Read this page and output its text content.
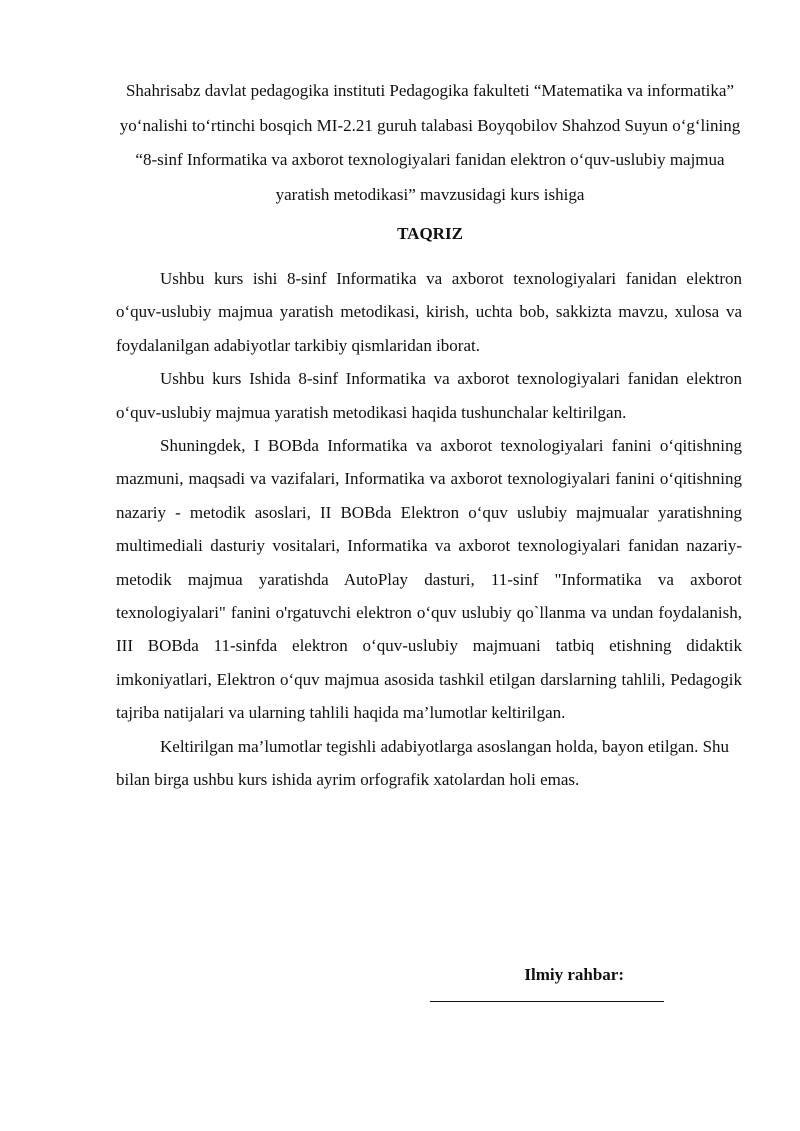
Shahrisabz davlat pedagogika instituti Pedagogika fakulteti “Matematika va informatika” yo‘nalishi to‘rtinchi bosqich MI-2.21 guruh talabasi Boyqobilov Shahzod Suyun o‘g‘lining “8-sinf Informatika va axborot texnologiyalari fanidan elektron o‘quv-uslubiy majmua yaratish metodikasi” mavzusidagi kurs ishiga

TAQRIZ

Ushbu kurs ishi 8-sinf Informatika va axborot texnologiyalari fanidan elektron o‘quv-uslubiy majmua yaratish metodikasi, kirish, uchta bob, sakkizta mavzu, xulosa va foydalanilgan adabiyotlar tarkibiy qismlaridan iborat.

Ushbu kurs Ishida 8-sinf Informatika va axborot texnologiyalari fanidan elektron o‘quv-uslubiy majmua yaratish metodikasi haqida tushunchalar keltirilgan.

Shuningdek, I BOBda Informatika va axborot texnologiyalari fanini o‘qitishning mazmuni, maqsadi va vazifalari, Informatika va axborot texnologiyalari fanini o‘qitishning nazariy - metodik asoslari, II BOBda Elektron o‘quv uslubiy majmualar yaratishning multimediali dasturiy vositalari, Informatika va axborot texnologiyalari fanidan nazariy-metodik majmua yaratishda AutoPlay dasturi, 11-sinf "Informatika va axborot texnologiyalari" fanini o'rgatuvchi elektron o‘quv uslubiy qo`llanma va undan foydalanish, III BOBda 11-sinfda elektron o‘quv-uslubiy majmuani tatbiq etishning didaktik imkoniyatlari, Elektron o‘quv majmua asosida tashkil etilgan darslarning tahlili, Pedagogik tajriba natijalari va ularning tahlili haqida ma’lumotlar keltirilgan.

Keltirilgan ma’lumotlar tegishli adabiyotlarga asoslangan holda, bayon etilgan. Shu bilan birga ushbu kurs ishida ayrim orfografik xatolardan holi emas.

Ilmiy rahbar:
